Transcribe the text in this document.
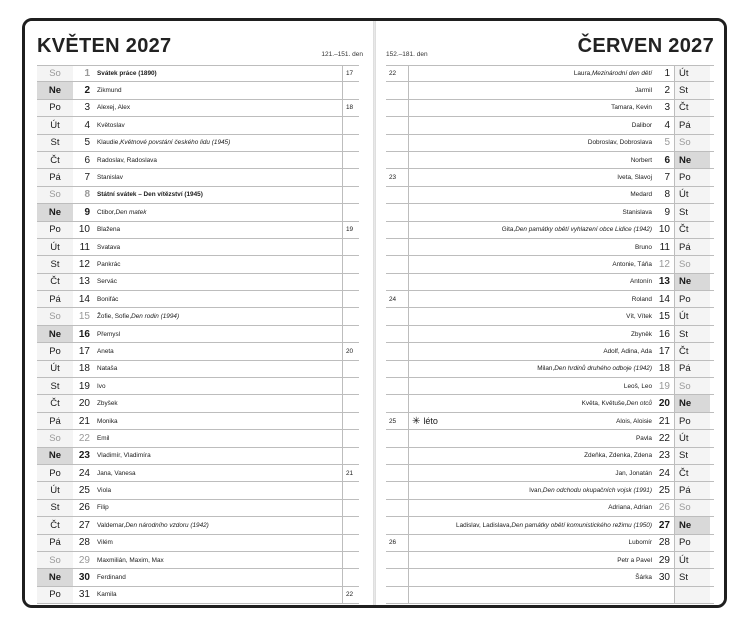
KVĚTEN 2027	121.–151. den
So	1	Svátek práce (1890)	17
Ne	2	Zikmund
Po	3	Alexej, Alex	18
Út	4	Květoslav
St	5	Klaudie, Květnové povstání českého lidu (1945)
Čt	6	Radoslav, Radoslava
Pá	7	Stanislav
So	8	Státní svátek – Den vítězství (1945)
Ne	9	Ctibor, Den matek
Po	10	Blažena	19
Út	11	Svatava
St	12	Pankrác
Čt	13	Servác
Pá	14	Bonifác
So	15	Žofie, Sofie, Den rodin (1994)
Ne	16	Přemysl
Po	17	Aneta	20
Út	18	Nataša
St	19	Ivo
Čt	20	Zbyšek
Pá	21	Monika
So	22	Emil
Ne	23	Vladimír, Vladimíra
Po	24	Jana, Vanesa	21
Út	25	Viola
St	26	Filip
Čt	27	Valdemar, Den národního vzdoru (1942)
Pá	28	Vilém
So	29	Maxmilián, Maxim, Max
Ne	30	Ferdinand
Po	31	Kamila	22
ČERVEN 2027
152.–181. den
22	Laura, Mezinárodní den dětí	1 Út
Jarmil	2 St
Tamara, Kevin	3 Čt
Dalibor	4 Pá
Dobroslav, Dobroslava	5 So
Norbert	6 Ne
23	Iveta, Slavoj	7 Po
Medard	8 Út
Stanislava	9 St
Gita, Den památky obětí vyhlazení obce Lidice (1942) 10 Čt
Bruno 11 Pá
Antonie, Táňa 12 So
Antonín 13 Ne
24	Roland 14 Po
Vít, Vítek 15 Út
Zbyněk 16 St
Adolf, Adina, Ada 17 Čt
Milan, Den hrdinů druhého odboje (1942) 18 Pá
Leoš, Leo 19 So
Květa, Květuše, Den otců 20 Ne
25	✳ léto	Alois, Aloisie 21 Po
Pavla 22 Út
Zdeňka, Zdenka, Zdena 23 St
Jan, Jonatán 24 Čt
Ivan, Den odchodu okupačních vojsk (1991) 25 Pá
Adriana, Adrian 26 So
Ladislav, Ladislava, Den památky obětí komunistického režimu (1950) 27 Ne
26	Lubomír 28 Po
Petr a Pavel 29 Út
Šárka 30 St
